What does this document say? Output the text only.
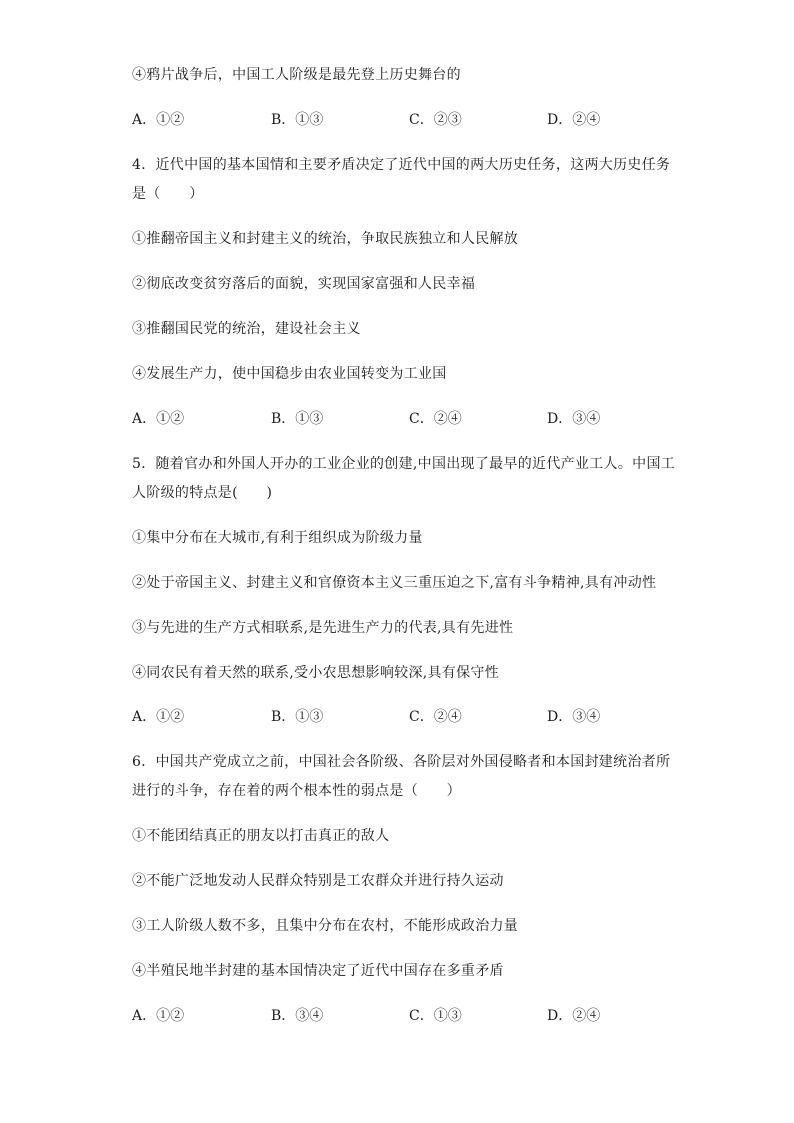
④鸦片战争后，中国工人阶级是最先登上历史舞台的
A．①②	B．①③	C．②③	D．②④
4．近代中国的基本国情和主要矛盾决定了近代中国的两大历史任务，这两大历史任务
是（　　）
①推翻帝国主义和封建主义的统治，争取民族独立和人民解放
②彻底改变贫穷落后的面貌，实现国家富强和人民幸福
③推翻国民党的统治，建设社会主义
④发展生产力，使中国稳步由农业国转变为工业国
A．①②	B．①③	C．②④	D．③④
5．随着官办和外国人开办的工业企业的创建,中国出现了最早的近代产业工人。中国工
人阶级的特点是(　　)
①集中分布在大城市,有利于组织成为阶级力量
②处于帝国主义、封建主义和官僚资本主义三重压迫之下,富有斗争精神,具有冲动性
③与先进的生产方式相联系,是先进生产力的代表,具有先进性
④同农民有着天然的联系,受小农思想影响较深,具有保守性
A．①②	B．①③	C．②④	D．③④
6．中国共产党成立之前，中国社会各阶级、各阶层对外国侵略者和本国封建统治者所
进行的斗争，存在着的两个根本性的弱点是（　　）
①不能团结真正的朋友以打击真正的敌人
②不能广泛地发动人民群众特别是工农群众并进行持久运动
③工人阶级人数不多，且集中分布在农村，不能形成政治力量
④半殖民地半封建的基本国情决定了近代中国存在多重矛盾
A．①②	B．③④	C．①③	D．②④
